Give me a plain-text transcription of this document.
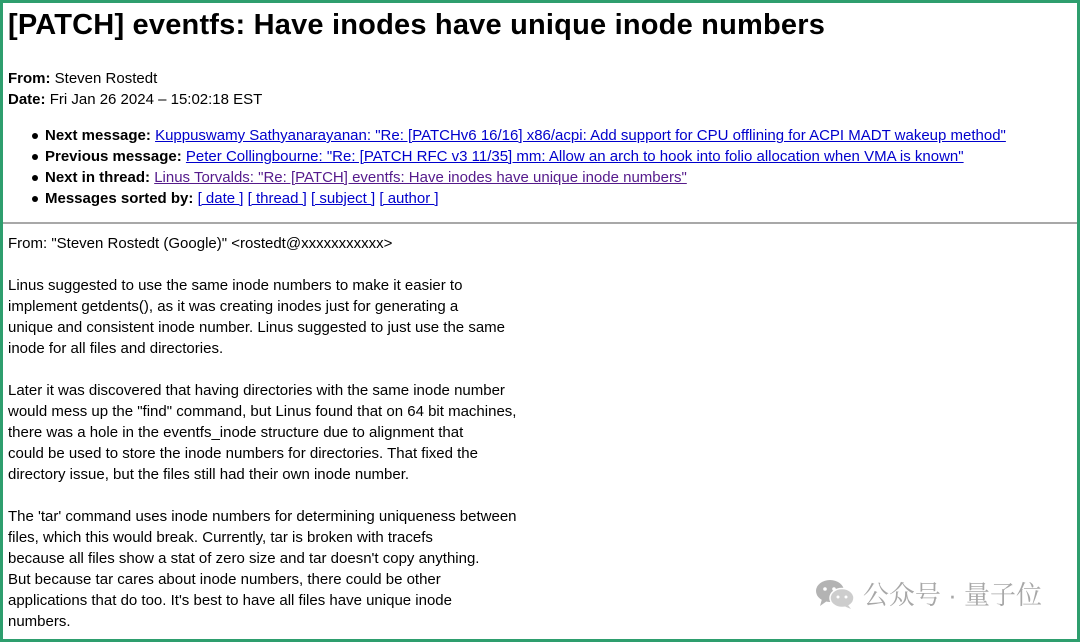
[PATCH] eventfs: Have inodes have unique inode numbers
From: Steven Rostedt
Date: Fri Jan 26 2024 – 15:02:18 EST
Next message: Kuppuswamy Sathyanarayanan: "Re: [PATCHv6 16/16] x86/acpi: Add support for CPU offlining for ACPI MADT wakeup method"
Previous message: Peter Collingbourne: "Re: [PATCH RFC v3 11/35] mm: Allow an arch to hook into folio allocation when VMA is known"
Next in thread: Linus Torvalds: "Re: [PATCH] eventfs: Have inodes have unique inode numbers"
Messages sorted by: [ date ] [ thread ] [ subject ] [ author ]
From: "Steven Rostedt (Google)" <rostedt@xxxxxxxxxxx>

Linus suggested to use the same inode numbers to make it easier to
implement getdents(), as it was creating inodes just for generating a
unique and consistent inode number. Linus suggested to just use the same
inode for all files and directories.

Later it was discovered that having directories with the same inode number
would mess up the "find" command, but Linus found that on 64 bit machines,
there was a hole in the eventfs_inode structure due to alignment that
could be used to store the inode numbers for directories. That fixed the
directory issue, but the files still had their own inode number.

The 'tar' command uses inode numbers for determining uniqueness between
files, which this would break. Currently, tar is broken with tracefs
because all files show a stat of zero size and tar doesn't copy anything.
But because tar cares about inode numbers, there could be other
applications that do too. It's best to have all files have unique inode
numbers.
公众号 · 量子位
